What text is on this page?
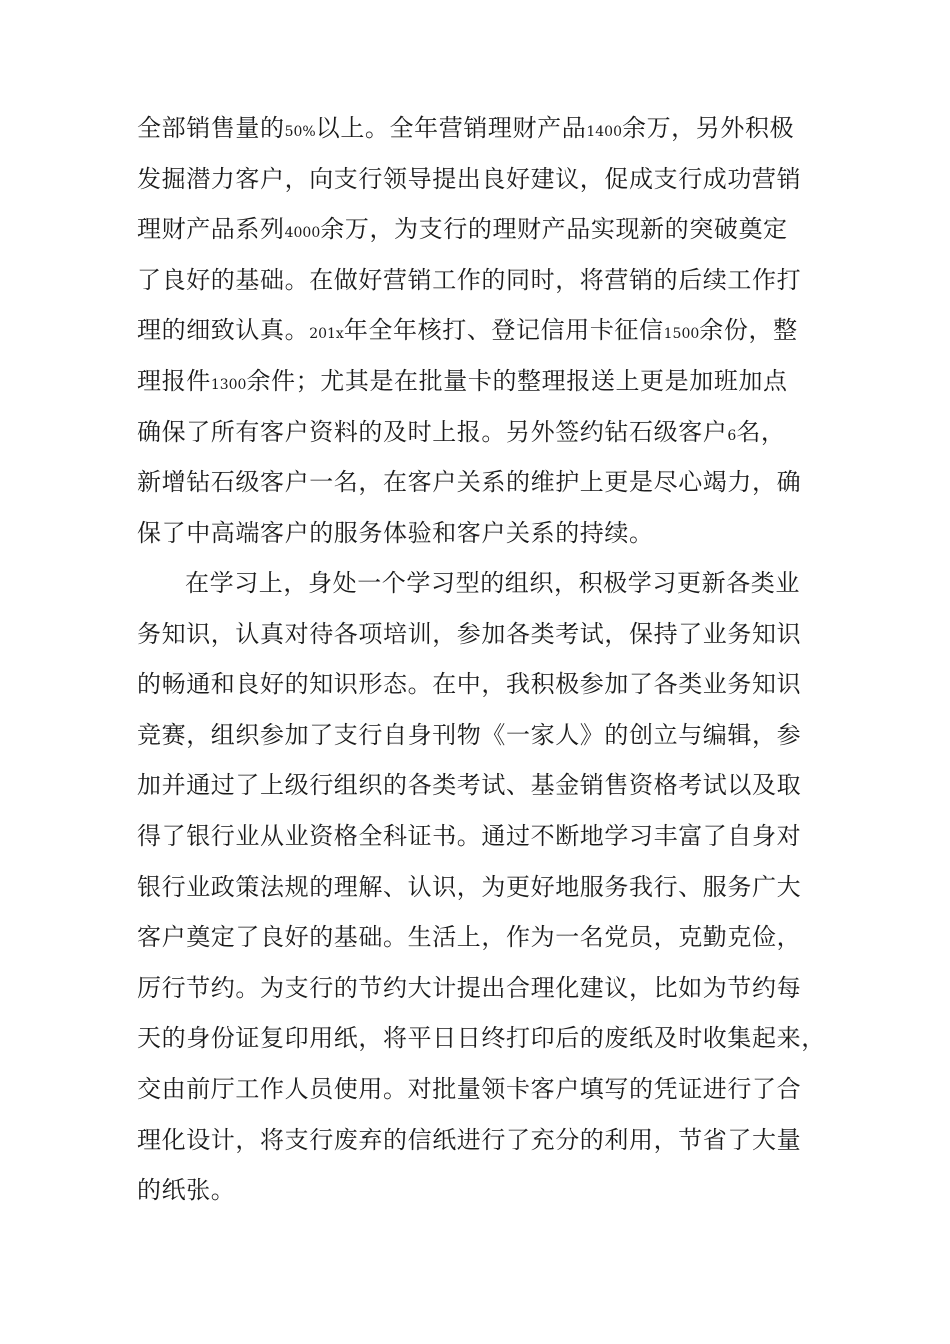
全部销售量的50%以上。全年营销理财产品1400余万，另外积极
发掘潜力客户，向支行领导提出良好建议，促成支行成功营销
理财产品系列4000余万，为支行的理财产品实现新的突破奠定
了良好的基础。在做好营销工作的同时，将营销的后续工作打
理的细致认真。201x年全年核打、登记信用卡征信1500余份，整
理报件1300余件；尤其是在批量卡的整理报送上更是加班加点
确保了所有客户资料的及时上报。另外签约钻石级客户6名，
新增钻石级客户一名，在客户关系的维护上更是尽心竭力，确
保了中高端客户的服务体验和客户关系的持续。

在学习上，身处一个学习型的组织，积极学习更新各类业
务知识，认真对待各项培训，参加各类考试，保持了业务知识
的畅通和良好的知识形态。在中，我积极参加了各类业务知识
竞赛，组织参加了支行自身刊物《一家人》的创立与编辑，参
加并通过了上级行组织的各类考试、基金销售资格考试以及取
得了银行业从业资格全科证书。通过不断地学习丰富了自身对
银行业政策法规的理解、认识，为更好地服务我行、服务广大
客户奠定了良好的基础。生活上，作为一名党员，克勤克俭，
厉行节约。为支行的节约大计提出合理化建议，比如为节约每
天的身份证复印用纸，将平日日终打印后的废纸及时收集起来，
交由前厅工作人员使用。对批量领卡客户填写的凭证进行了合
理化设计，将支行废弃的信纸进行了充分的利用，节省了大量
的纸张。
